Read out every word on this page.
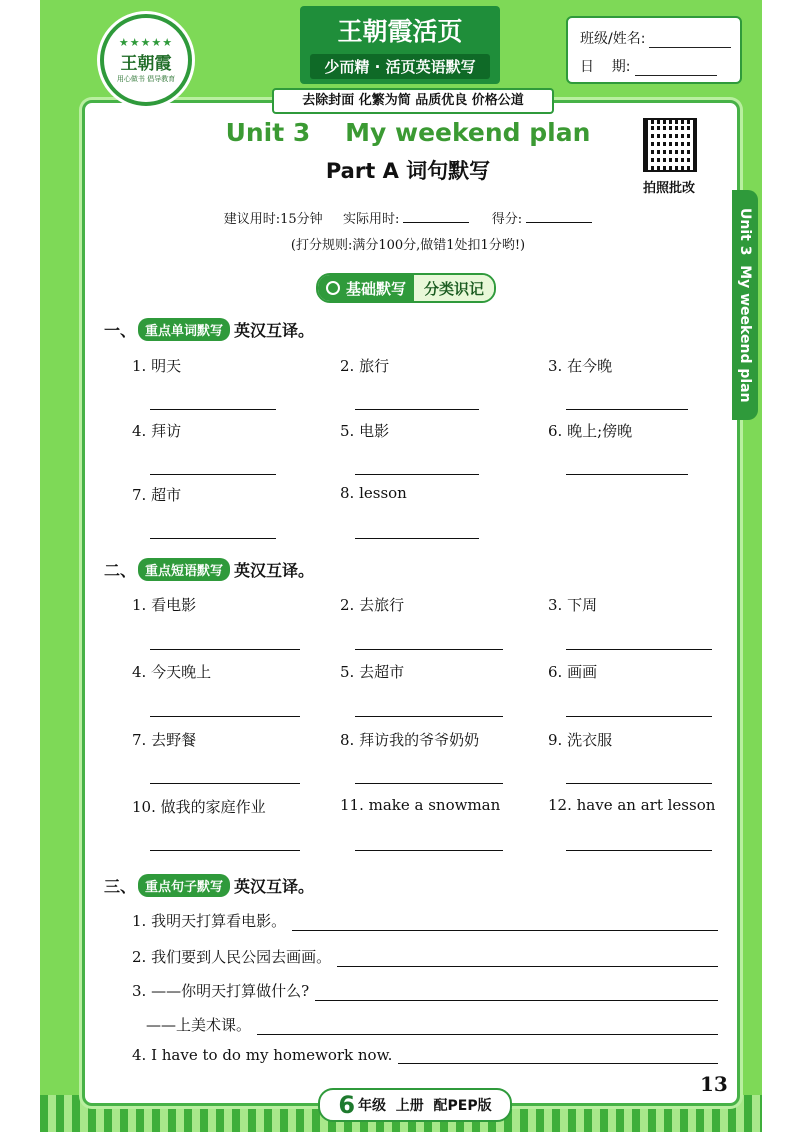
★★★★★
王朝霞
用心做书 倡导教育
王朝霞活页
少而精 · 活页英语默写
去除封面 化繁为简 品质优良 价格公道
班级/姓名:
日    期:
Unit 3    My weekend plan
Part A 词句默写
拍照批改
建议用时:15分钟 实际用时:	得分:
(打分规则:满分100分,做错1处扣1分哟!)
基础默写	分类识记	Unit 3  My weekend plan
一、 重点单词默写 英汉互译。
1. 明天	2. 旅行	3. 在今晚
4. 拜访	5. 电影	6. 晚上;傍晚
7. 超市	8. lesson
二、 重点短语默写 英汉互译。
1. 看电影	2. 去旅行	3. 下周
4. 今天晚上	5. 去超市	6. 画画
7. 去野餐	8. 拜访我的爷爷奶奶	9. 洗衣服
10. 做我的家庭作业	11. make a snowman	12. have an art lesson
三、 重点句子默写 英汉互译。
1. 我明天打算看电影。
2. 我们要到人民公园去画画。
3. ——你明天打算做什么?
——上美术课。
4. I have to do my homework now.
6 年级  上册  配PEP版
13
